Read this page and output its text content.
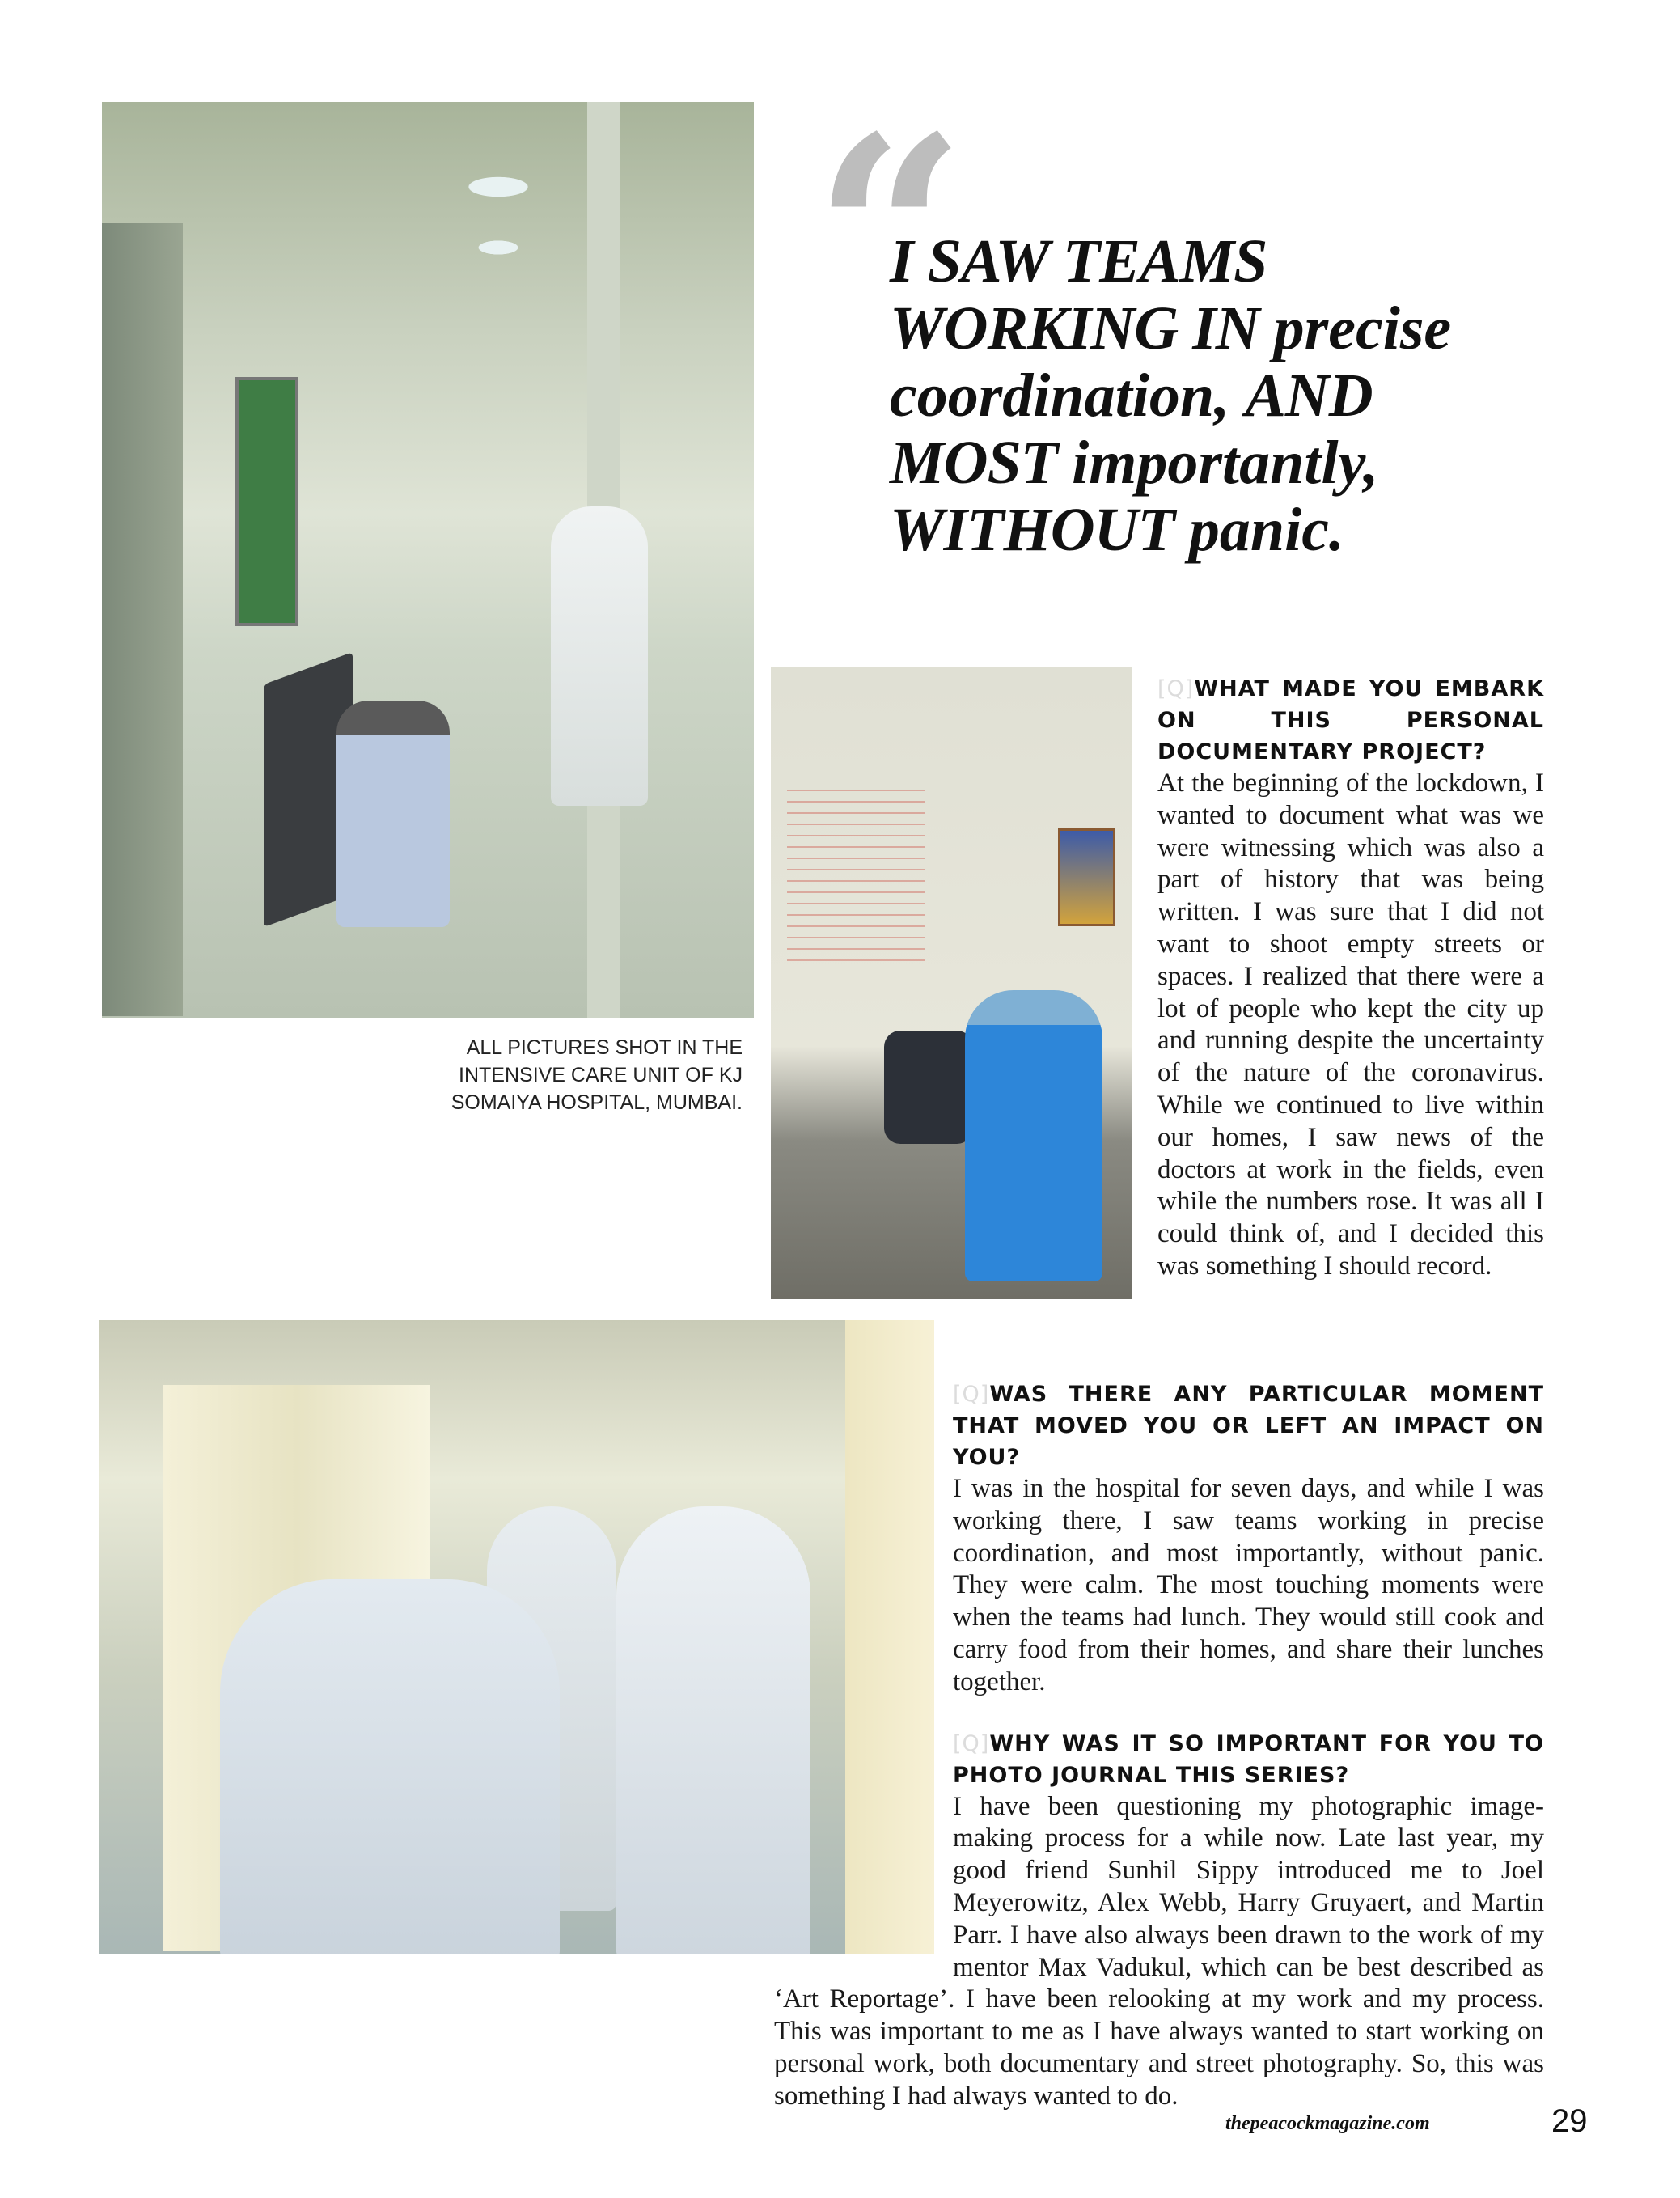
“
I SAW TEAMS WORKING IN precise coordination, AND MOST importantly, WITHOUT panic.
ALL PICTURES SHOT IN THE INTENSIVE CARE UNIT OF KJ SOMAIYA HOSPITAL, MUMBAI.

[Q]WHAT MADE YOU EMBARK ON THIS PERSONAL DOCUMENTARY PROJECT?

At the beginning of the lockdown, I wanted to document what was we were witnessing which was also a part of history that was being written. I was sure that I did not want to shoot empty streets or spaces. I realized that there were a lot of people who kept the city up and running despite the uncertainty of the nature of the coronavirus. While we continued to live within our homes, I saw news of the doctors at work in the fields, even while the numbers rose. It was all I could think of, and I decided this was something I should record.

[Q]WAS THERE ANY PARTICULAR MOMENT THAT MOVED YOU OR LEFT AN IMPACT ON YOU?

I was in the hospital for seven days, and while I was working there, I saw teams working in precise coordination, and most importantly, without panic. They were calm. The most touching moments were when the teams had lunch. They would still cook and carry food from their homes, and share their lunches together.

[Q]WHY WAS IT SO IMPORTANT FOR YOU TO PHOTO JOURNAL THIS SERIES?

I have been questioning my photographic image-making process for a while now. Late last year, my good friend Sunhil Sippy introduced me to Joel Meyerowitz, Alex Webb, Harry Gruyaert, and Martin Parr. I have also always been drawn to the work of my mentor Max Vadukul, which can be best described as ‘Art Reportage’. I have been relooking at my work and my process. This was important to me as I have always wanted to start working on personal work, both documentary and street photography. So, this was something I had always wanted to do.

thepeacockmagazine.com	29
